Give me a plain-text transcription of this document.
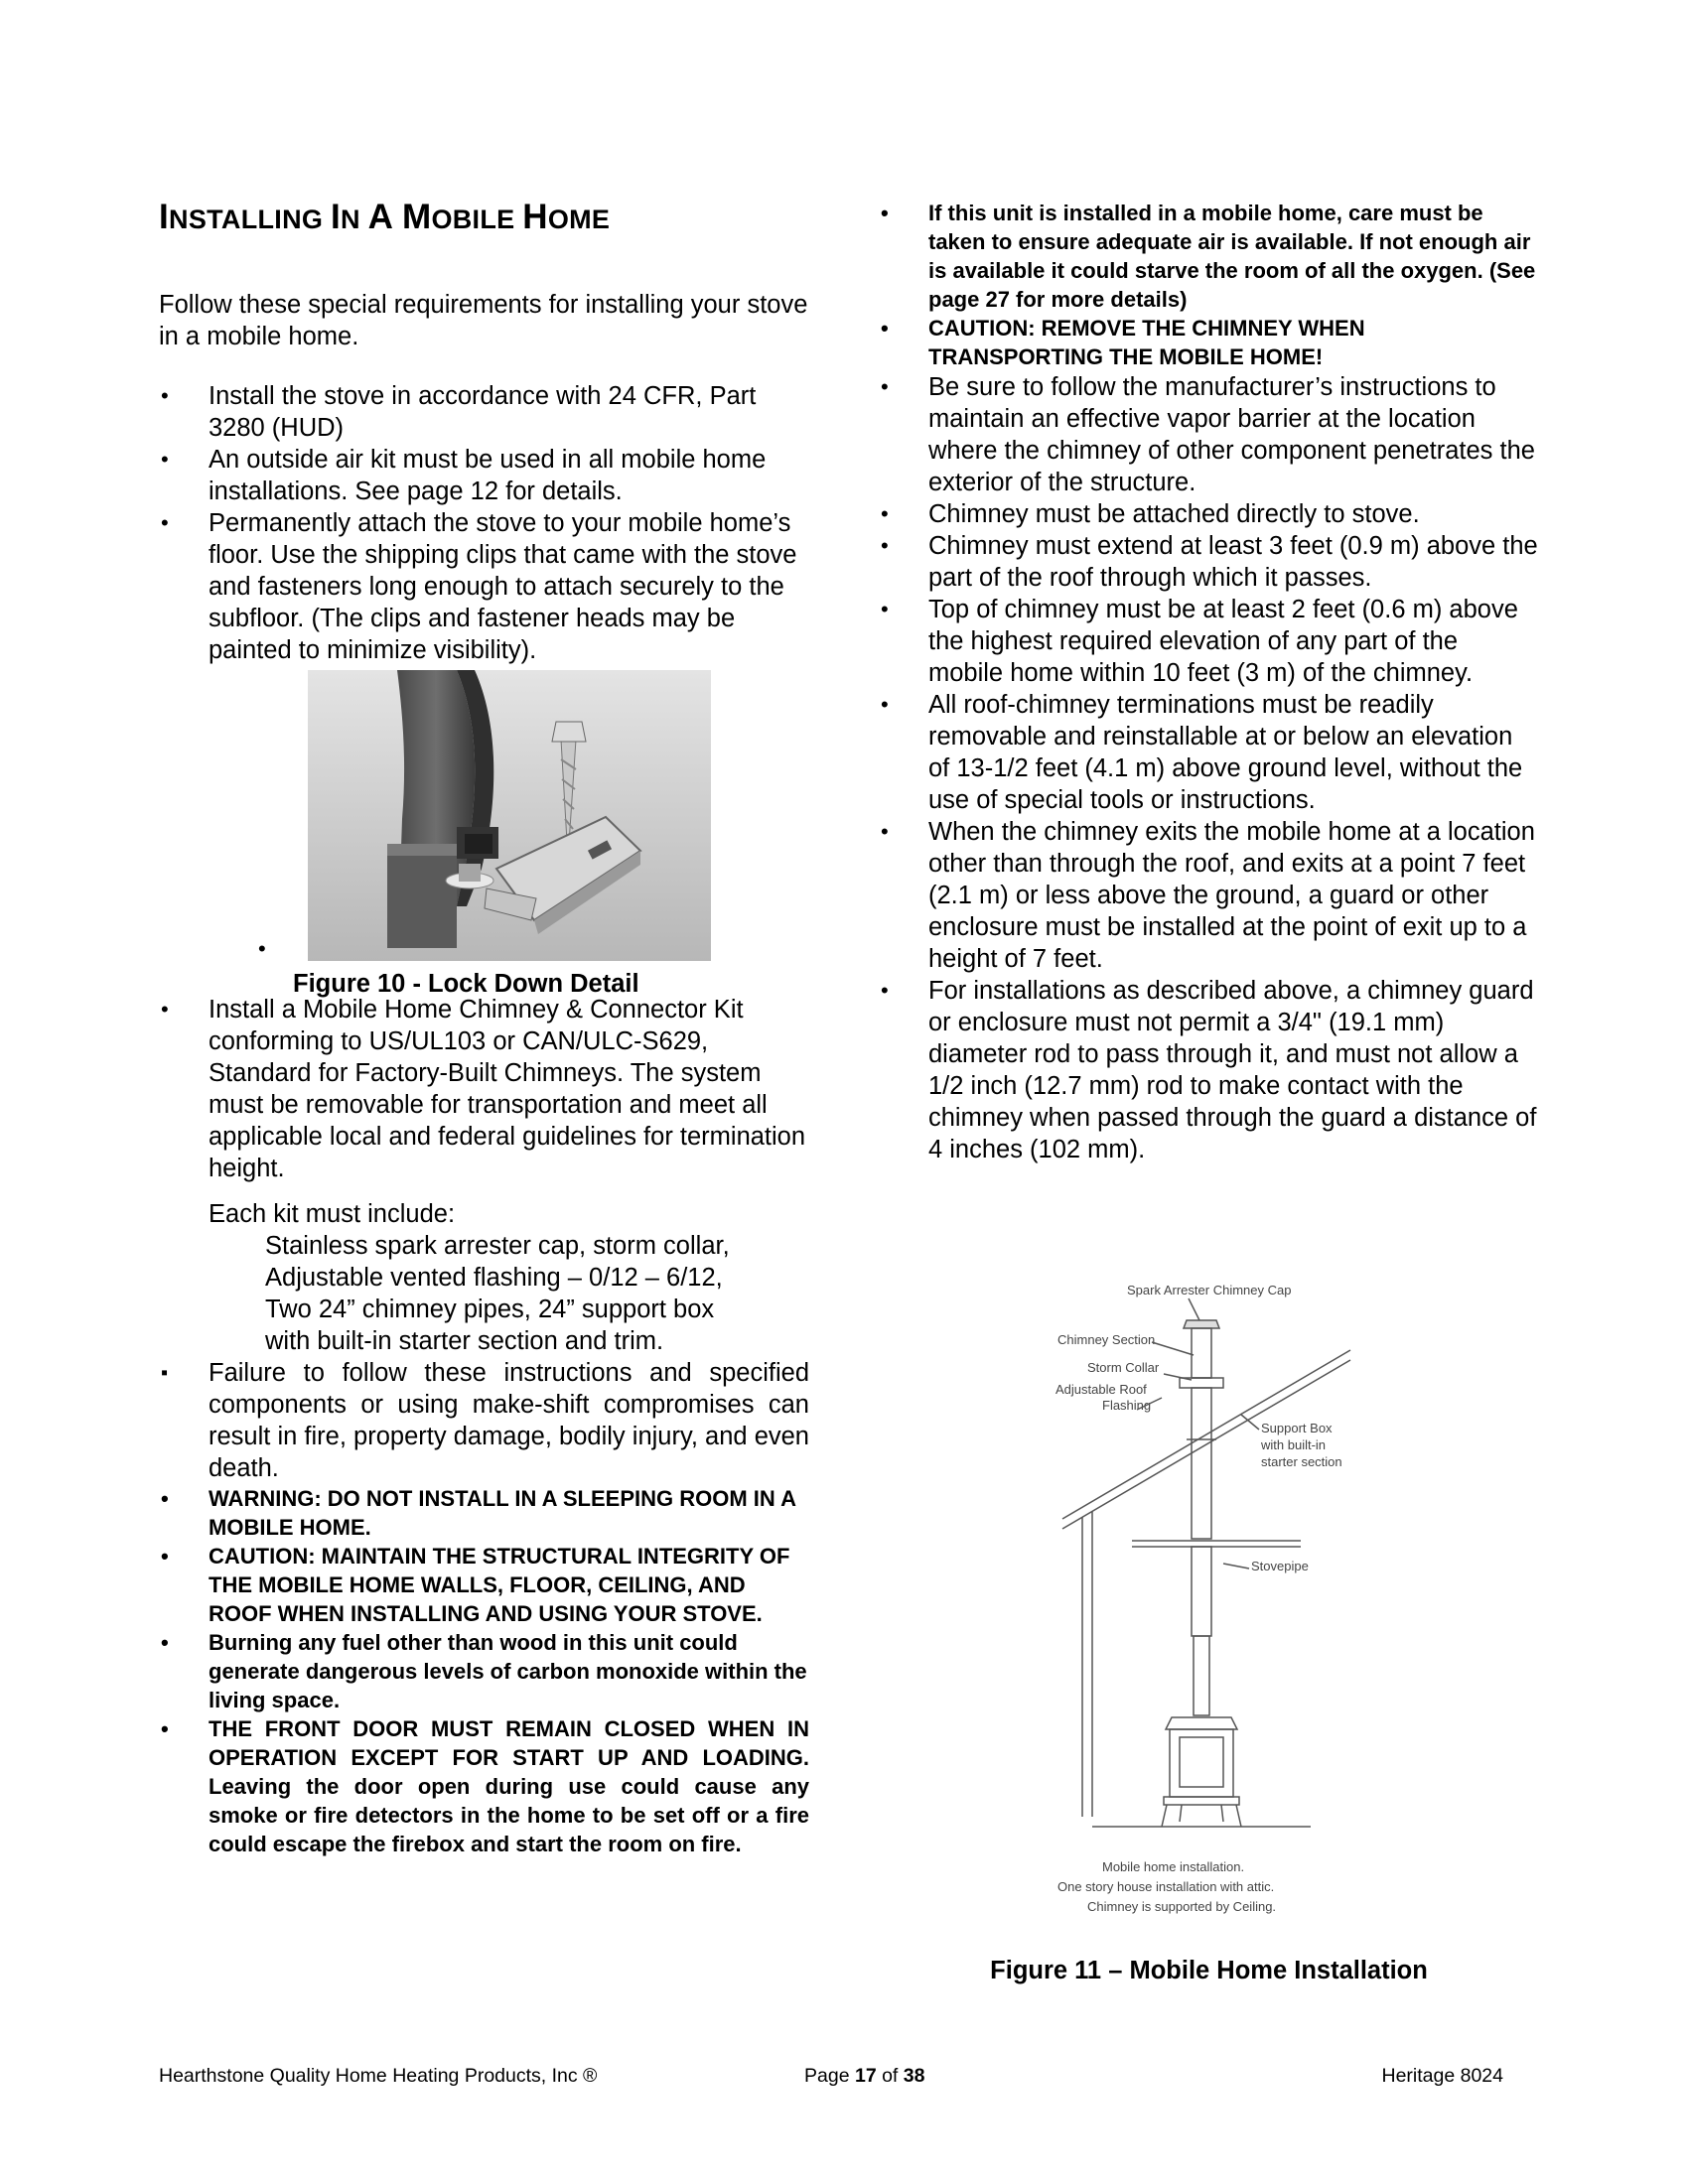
INSTALLING IN A MOBILE HOME

Follow these special requirements for installing your stove in a mobile home.

• Install the stove in accordance with 24 CFR, Part 3280 (HUD)
• An outside air kit must be used in all mobile home installations. See page 12 for details.
• Permanently attach the stove to your mobile home’s floor. Use the shipping clips that came with the stove and fasteners long enough to attach securely to the subfloor. (The clips and fastener heads may be painted to minimize visibility).
•
Figure 10 - Lock Down Detail
• Install a Mobile Home Chimney & Connector Kit conforming to US/UL103 or CAN/ULC-S629, Standard for Factory-Built Chimneys. The system must be removable for transportation and meet all applicable local and federal guidelines for termination height.
Each kit must include:
Stainless spark arrester cap, storm collar,
Adjustable vented flashing – 0/12 – 6/12,
Two 24” chimney pipes, 24” support box
with built-in starter section and trim.
▪ Failure to follow these instructions and specified components or using make-shift compromises can result in fire, property damage, bodily injury, and even death.
• WARNING: DO NOT INSTALL IN A SLEEPING ROOM IN A MOBILE HOME.
• CAUTION: MAINTAIN THE STRUCTURAL INTEGRITY OF THE MOBILE HOME WALLS, FLOOR, CEILING, AND ROOF WHEN INSTALLING AND USING YOUR STOVE.
• Burning any fuel other than wood in this unit could generate dangerous levels of carbon monoxide within the living space.
• THE FRONT DOOR MUST REMAIN CLOSED WHEN IN OPERATION EXCEPT FOR START UP AND LOADING. Leaving the door open during use could cause any smoke or fire detectors in the home to be set off or a fire could escape the firebox and start the room on fire.
• If this unit is installed in a mobile home, care must be taken to ensure adequate air is available. If not enough air is available it could starve the room of all the oxygen. (See page 27 for more details)
• CAUTION: REMOVE THE CHIMNEY WHEN TRANSPORTING THE MOBILE HOME!
• Be sure to follow the manufacturer’s instructions to maintain an effective vapor barrier at the location where the chimney of other component penetrates the exterior of the structure.
• Chimney must be attached directly to stove.
• Chimney must extend at least 3 feet (0.9 m) above the part of the roof through which it passes.
• Top of chimney must be at least 2 feet (0.6 m) above the highest required elevation of any part of the mobile home within 10 feet (3 m) of the chimney.
• All roof-chimney terminations must be readily removable and reinstallable at or below an elevation of 13-1/2 feet (4.1 m) above ground level, without the use of special tools or instructions.
• When the chimney exits the mobile home at a location other than through the roof, and exits at a point 7 feet (2.1 m) or less above the ground, a guard or other enclosure must be installed at the point of exit up to a height of 7 feet.
• For installations as described above, a chimney guard or enclosure must not permit a 3/4" (19.1 mm) diameter rod to pass through it, and must not allow a 1/2 inch (12.7 mm) rod to make contact with the chimney when passed through the guard a distance of 4 inches (102 mm).
Spark Arrester Chimney Cap
Chimney Section
Storm Collar
Adjustable Roof
Flashing
Support Box
with built-in
starter section
Stovepipe
Mobile home installation.
One story house installation with attic.
Chimney is supported by Ceiling.
Figure 11 – Mobile Home Installation
Hearthstone Quality Home Heating Products, Inc ®	Page 17 of 38	Heritage 8024
